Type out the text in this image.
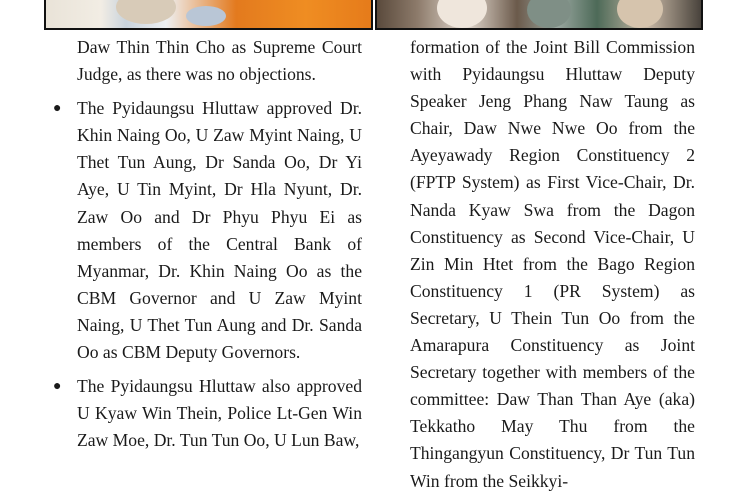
Daw Thin Thin Cho as Supreme Court Judge, as there was no objections.

● The Pyidaungsu Hluttaw approved Dr. Khin Naing Oo, U Zaw Myint Naing, U Thet Tun Aung, Dr Sanda Oo, Dr Yi Aye, U Tin Myint, Dr Hla Nyunt, Dr. Zaw Oo and Dr Phyu Phyu Ei as members of the Central Bank of Myanmar, Dr. Khin Naing Oo as the CBM Governor and U Zaw Myint Naing, U Thet Tun Aung and Dr. Sanda Oo as CBM Deputy Governors.

● The Pyidaungsu Hluttaw also approved U Kyaw Win Thein, Police Lt-Gen Win Zaw Moe, Dr. Tun Tun Oo, U Lun Baw,

formation of the Joint Bill Commission with Pyidaungsu Hluttaw Deputy Speaker Jeng Phang Naw Taung as Chair, Daw Nwe Nwe Oo from the Ayeyawady Region Constituency 2 (FPTP System) as First Vice-Chair, Dr. Nanda Kyaw Swa from the Dagon Constituency as Second Vice-Chair, U Zin Min Htet from the Bago Region Constituency 1 (PR System) as Secretary, U Thein Tun Oo from the Amarapura Constituency as Joint Secretary together with members of the committee: Daw Than Than Aye (aka) Tekkatho May Thu from the Thingangyun Constituency, Dr Tun Tun Win from the Seikkyi-
